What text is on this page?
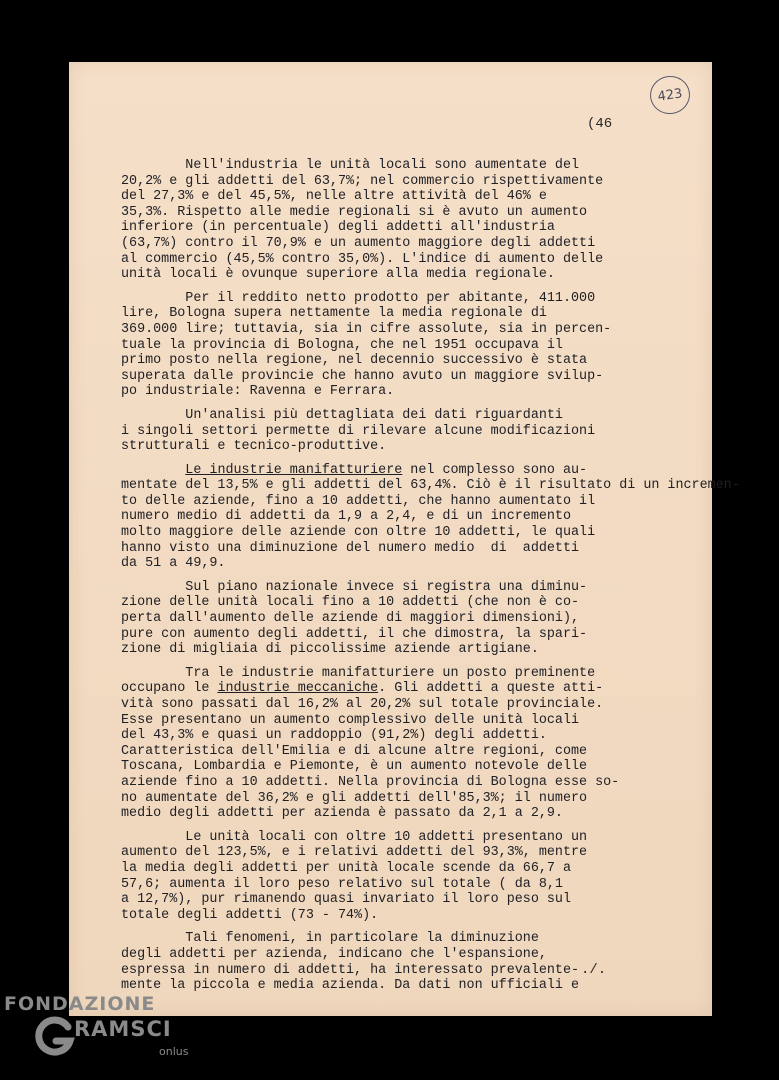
423
(46
Nell'industria le unità locali sono aumentate del
20,2% e gli addetti del 63,7%; nel commercio rispettivamente
del 27,3% e del 45,5%, nelle altre attività del 46% e
35,3%. Rispetto alle medie regionali si è avuto un aumento
inferiore (in percentuale) degli addetti all'industria
(63,7%) contro il 70,9% e un aumento maggiore degli addetti
al commercio (45,5% contro 35,0%). L'indice di aumento delle
unità locali è ovunque superiore alla media regionale.
Per il reddito netto prodotto per abitante, 411.000
lire, Bologna supera nettamente la media regionale di
369.000 lire; tuttavia, sia in cifre assolute, sia in percen-
tuale la provincia di Bologna, che nel 1951 occupava il
primo posto nella regione, nel decennio successivo è stata
superata dalle provincie che hanno avuto un maggiore svilup-
po industriale: Ravenna e Ferrara.
Un'analisi più dettagliata dei dati riguardanti
i singoli settori permette di rilevare alcune modificazioni
strutturali e tecnico-produttive.
Le industrie manifatturiere nel complesso sono au-
mentate del 13,5% e gli addetti del 63,4%. Ciò è il risultato di un incremen-
to delle aziende, fino a 10 addetti, che hanno aumentato il
numero medio di addetti da 1,9 a 2,4, e di un incremento
molto maggiore delle aziende con oltre 10 addetti, le quali
hanno visto una diminuzione del numero medio  di  addetti
da 51 a 49,9.
Sul piano nazionale invece si registra una diminu-
zione delle unità locali fino a 10 addetti (che non è co-
perta dall'aumento delle aziende di maggiori dimensioni),
pure con aumento degli addetti, il che dimostra, la spari-
zione di migliaia di piccolissime aziende artigiane.
Tra le industrie manifatturiere un posto preminente
occupano le industrie meccaniche. Gli addetti a queste atti-
vità sono passati dal 16,2% al 20,2% sul totale provinciale.
Esse presentano un aumento complessivo delle unità locali
del 43,3% e quasi un raddoppio (91,2%) degli addetti.
Caratteristica dell'Emilia e di alcune altre regioni, come
Toscana, Lombardia e Piemonte, è un aumento notevole delle
aziende fino a 10 addetti. Nella provincia di Bologna esse so-
no aumentate del 36,2% e gli addetti dell'85,3%; il numero
medio degli addetti per azienda è passato da 2,1 a 2,9.
Le unità locali con oltre 10 addetti presentano un
aumento del 123,5%, e i relativi addetti del 93,3%, mentre
la media degli addetti per unità locale scende da 66,7 a
57,6; aumenta il loro peso relativo sul totale ( da 8,1
a 12,7%), pur rimanendo quasi invariato il loro peso sul
totale degli addetti (73 - 74%).
Tali fenomeni, in particolare la diminuzione
degli addetti per azienda, indicano che l'espansione,
espressa in numero di addetti, ha interessato prevalente-
mente la piccola e media azienda. Da dati non ufficiali e
./.
FONDAZIONE
RAMSCI
onlus
